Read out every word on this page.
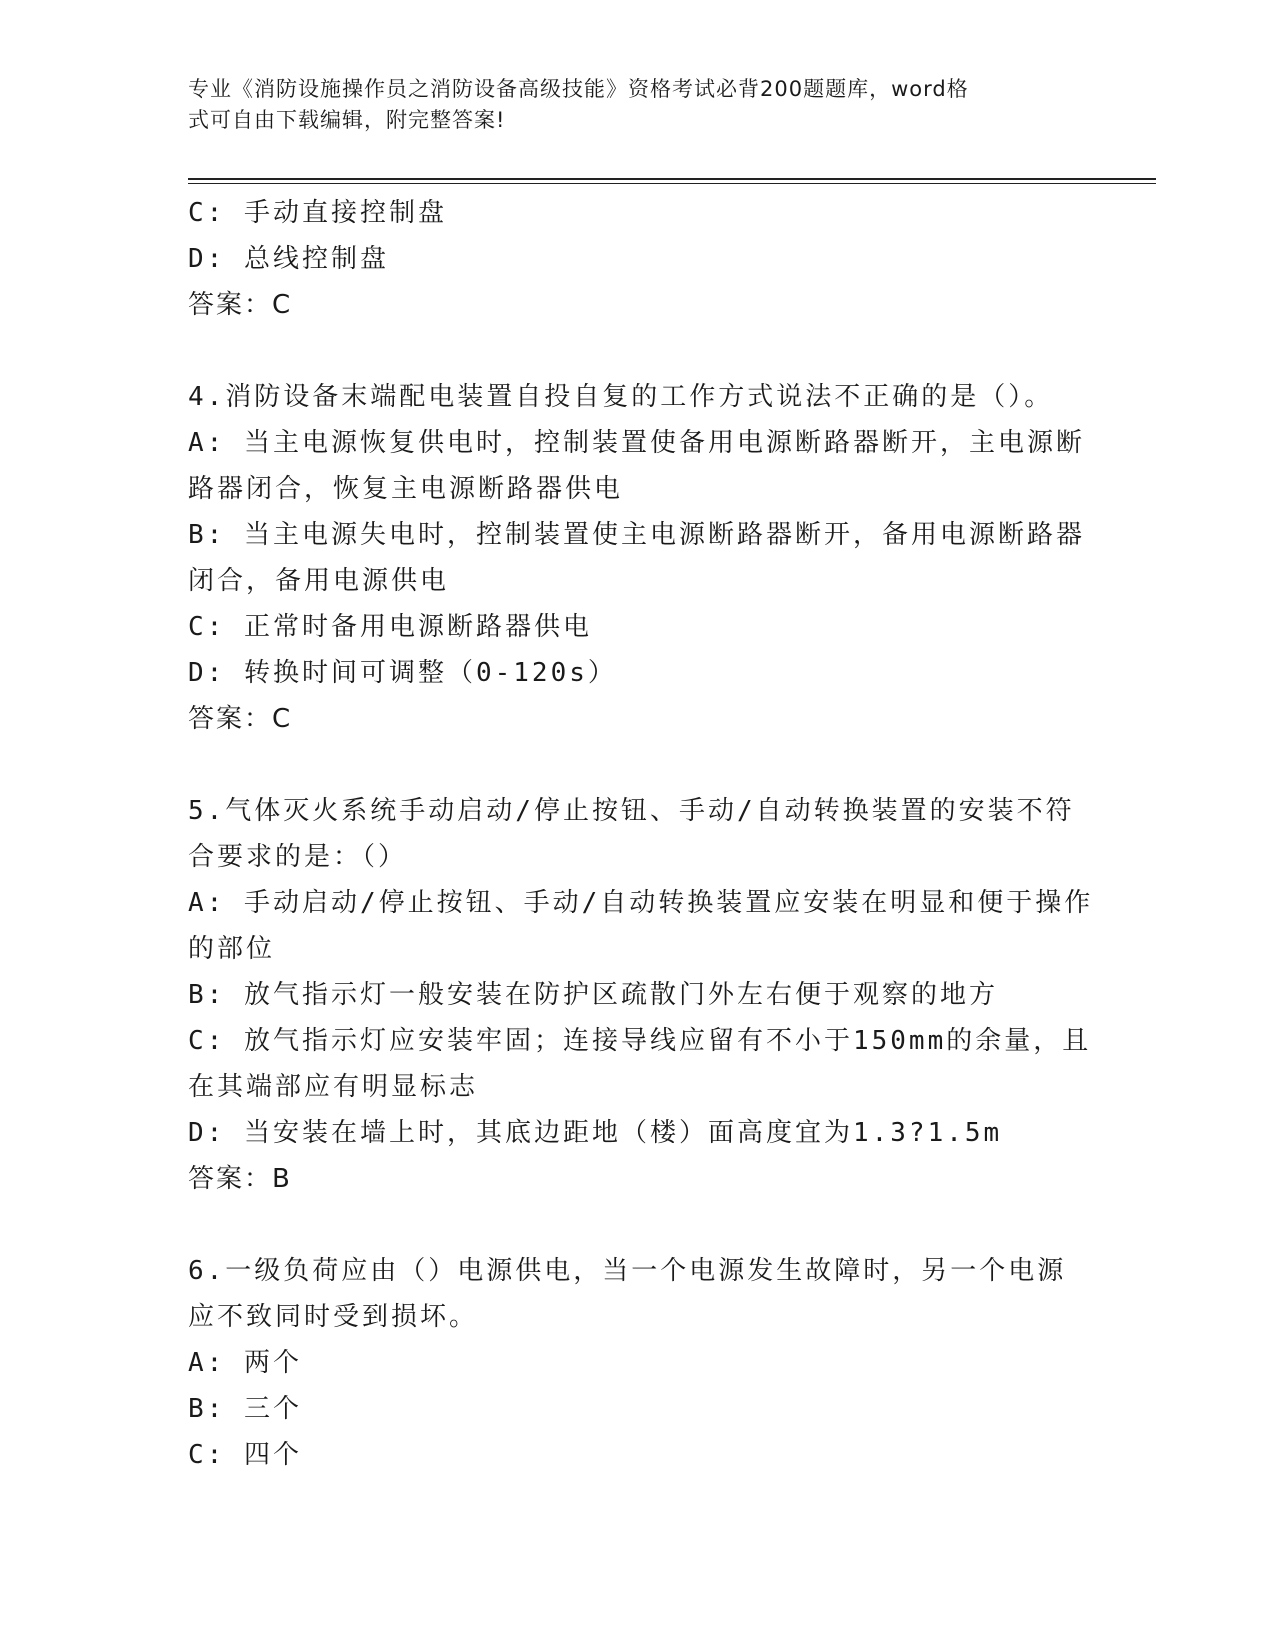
专业《消防设施操作员之消防设备高级技能》资格考试必背200题题库，word格
式可自由下载编辑，附完整答案!
C: 手动直接控制盘
D: 总线控制盘
答案：C
4.消防设备末端配电装置自投自复的工作方式说法不正确的是（）。
A: 当主电源恢复供电时，控制装置使备用电源断路器断开，主电源断
路器闭合，恢复主电源断路器供电
B: 当主电源失电时，控制装置使主电源断路器断开，备用电源断路器
闭合，备用电源供电
C: 正常时备用电源断路器供电
D: 转换时间可调整（0-120s）
答案：C
5.气体灭火系统手动启动/停止按钮、手动/自动转换装置的安装不符
合要求的是：（）
A: 手动启动/停止按钮、手动/自动转换装置应安装在明显和便于操作
的部位
B: 放气指示灯一般安装在防护区疏散门外左右便于观察的地方
C: 放气指示灯应安装牢固；连接导线应留有不小于150mm的余量，且
在其端部应有明显标志
D: 当安装在墙上时，其底边距地（楼）面高度宜为1.3?1.5m
答案：B
6.一级负荷应由（）电源供电，当一个电源发生故障时，另一个电源
应不致同时受到损坏。
A: 两个
B: 三个
C: 四个
